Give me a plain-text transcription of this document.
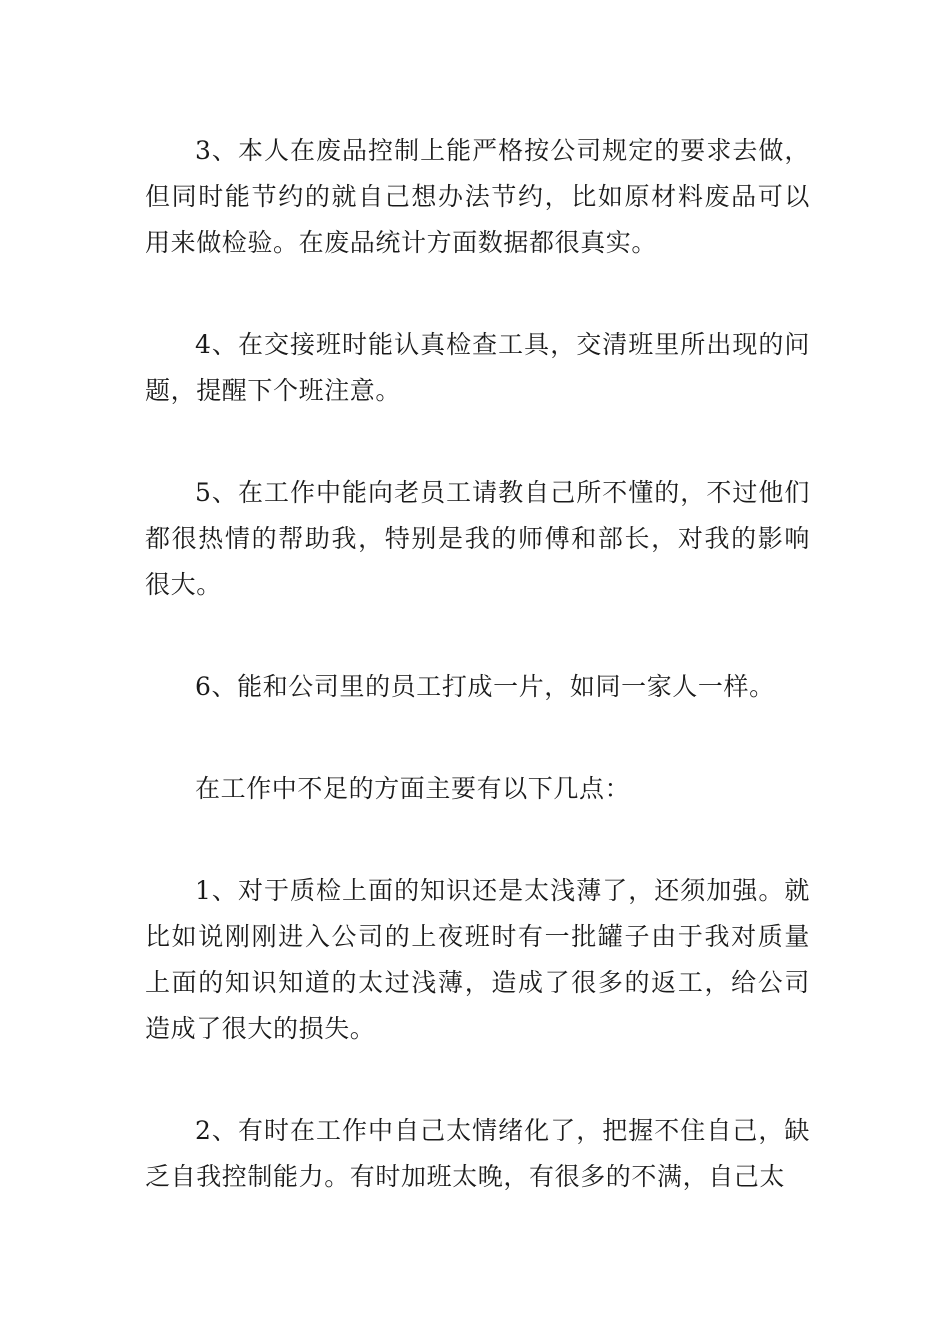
3、本人在废品控制上能严格按公司规定的要求去做，但同时能节约的就自己想办法节约，比如原材料废品可以用来做检验。在废品统计方面数据都很真实。

4、在交接班时能认真检查工具，交清班里所出现的问题，提醒下个班注意。

5、在工作中能向老员工请教自己所不懂的，不过他们都很热情的帮助我，特别是我的师傅和部长，对我的影响很大。

6、能和公司里的员工打成一片，如同一家人一样。

在工作中不足的方面主要有以下几点：

1、对于质检上面的知识还是太浅薄了，还须加强。就比如说刚刚进入公司的上夜班时有一批罐子由于我对质量上面的知识知道的太过浅薄，造成了很多的返工，给公司造成了很大的损失。

2、有时在工作中自己太情绪化了，把握不住自己，缺乏自我控制能力。有时加班太晚，有很多的不满，自己太
